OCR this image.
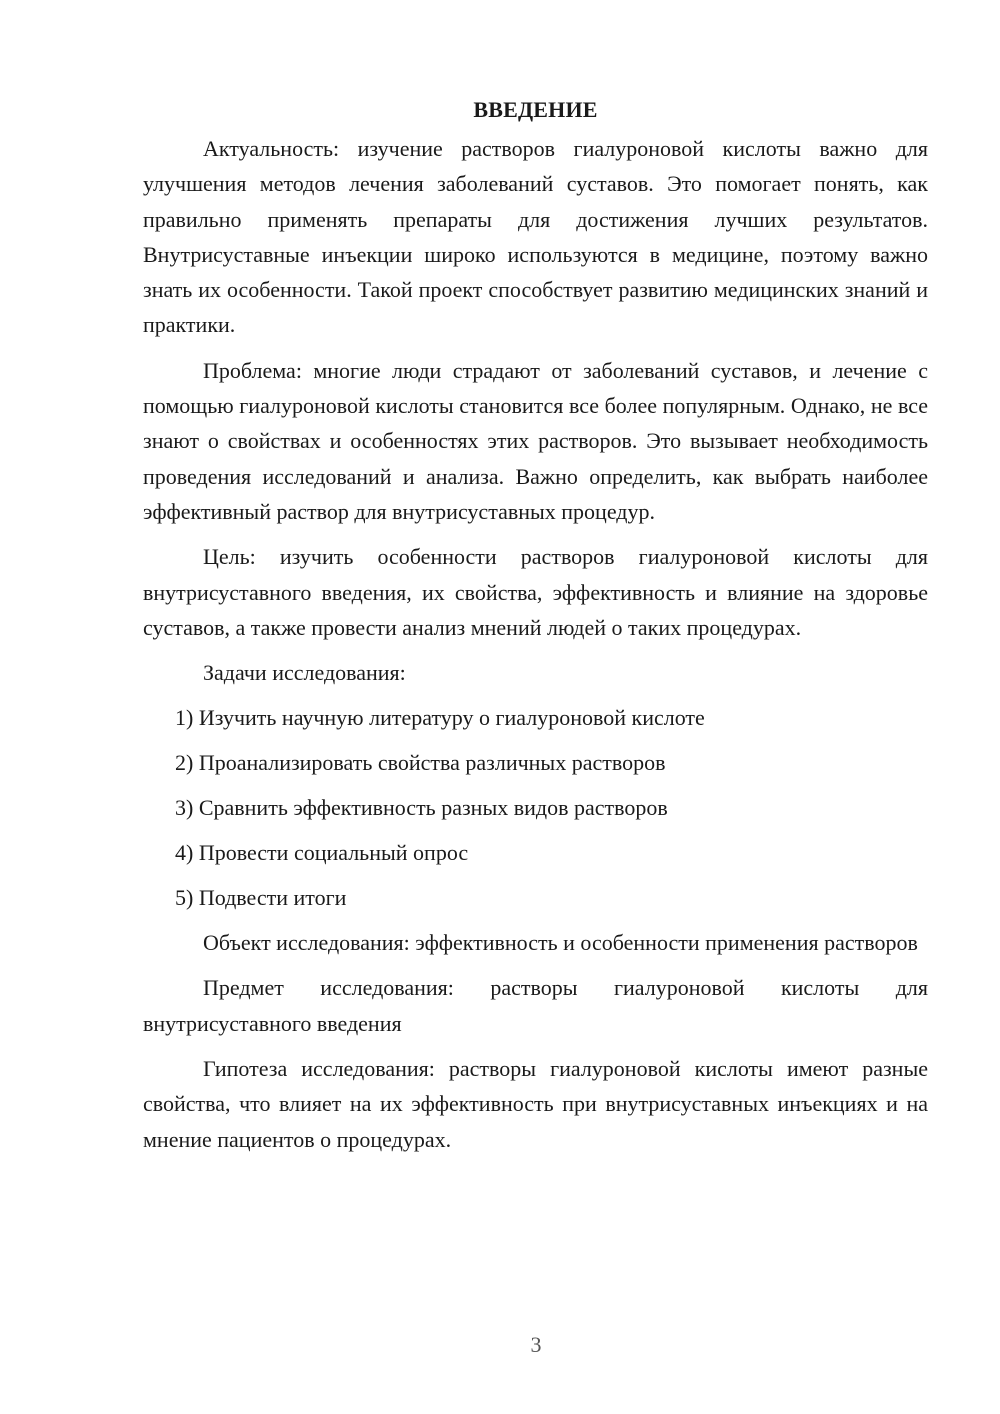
ВВЕДЕНИЕ

Актуальность: изучение растворов гиалуроновой кислоты важно для улучшения методов лечения заболеваний суставов. Это помогает понять, как правильно применять препараты для достижения лучших результатов. Внутрисуставные инъекции широко используются в медицине, поэтому важно знать их особенности. Такой проект способствует развитию медицинских знаний и практики.

Проблема: многие люди страдают от заболеваний суставов, и лечение с помощью гиалуроновой кислоты становится все более популярным. Однако, не все знают о свойствах и особенностях этих растворов. Это вызывает необходимость проведения исследований и анализа. Важно определить, как выбрать наиболее эффективный раствор для внутрисуставных процедур.

Цель: изучить особенности растворов гиалуроновой кислоты для внутрисуставного введения, их свойства, эффективность и влияние на здоровье суставов, а также провести анализ мнений людей о таких процедурах.

Задачи исследования:

1) Изучить научную литературу о гиалуроновой кислоте
2) Проанализировать свойства различных растворов
3) Сравнить эффективность разных видов растворов
4) Провести социальный опрос
5) Подвести итоги

Объект исследования: эффективность и особенности применения растворов

Предмет исследования: растворы гиалуроновой кислоты для внутрисуставного введения

Гипотеза исследования: растворы гиалуроновой кислоты имеют разные свойства, что влияет на их эффективность при внутрисуставных инъекциях и на мнение пациентов о процедурах.

3
